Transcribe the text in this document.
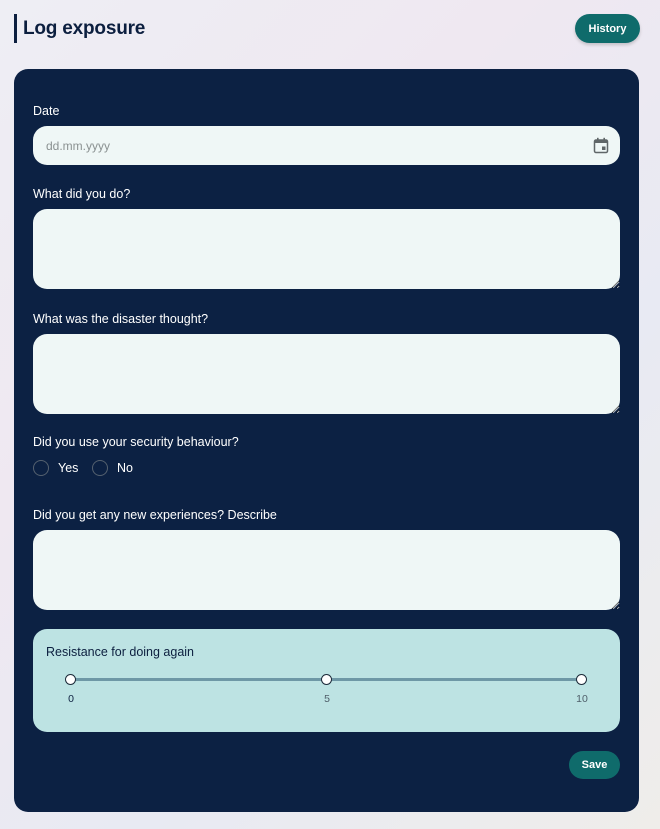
Log exposure	History
Date
dd.mm.yyyy
What did you do?
What was the disaster thought?
Did you use your security behaviour?
Yes	No
Did you get any new experiences? Describe
Resistance for doing again
0	5	10
Save
